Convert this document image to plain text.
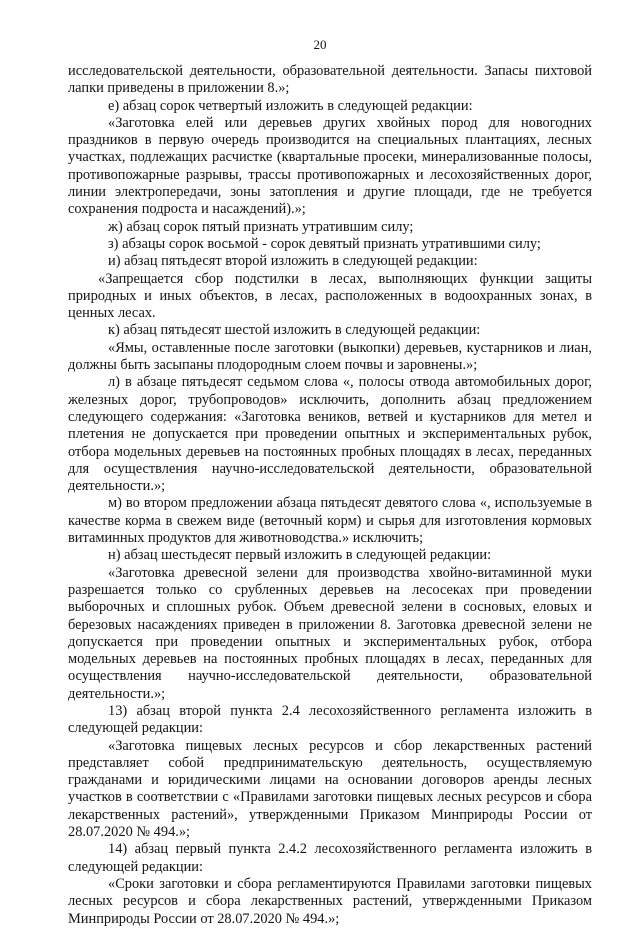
20

исследовательской деятельности, образовательной деятельности. Запасы пихтовой лапки приведены в приложении 8.»;

е) абзац сорок четвертый изложить в следующей редакции:

«Заготовка елей или деревьев других хвойных пород для новогодних праздников в первую очередь производится на специальных плантациях, лесных участках, подлежащих расчистке (квартальные просеки, минерализованные полосы, противопожарные разрывы, трассы противопожарных и лесохозяйственных дорог, линии электропередачи, зоны затопления и другие площади, где не требуется сохранения подроста и насаждений).»;

ж) абзац сорок пятый признать утратившим силу;

з) абзацы сорок восьмой - сорок девятый признать утратившими силу;

и) абзац пятьдесят второй изложить в следующей редакции:

«Запрещается сбор подстилки в лесах, выполняющих функции защиты природных и иных объектов, в лесах, расположенных в водоохранных зонах, в ценных лесах.

к) абзац пятьдесят шестой изложить в следующей редакции:

«Ямы, оставленные после заготовки (выкопки) деревьев, кустарников и лиан, должны быть засыпаны плодородным слоем почвы и заровнены.»;

л) в абзаце пятьдесят седьмом слова «, полосы отвода автомобильных дорог, железных дорог, трубопроводов» исключить, дополнить абзац предложением следующего содержания: «Заготовка веников, ветвей и кустарников для метел и плетения не допускается при проведении опытных и экспериментальных рубок, отбора модельных деревьев на постоянных пробных площадях в лесах, переданных для осуществления научно-исследовательской деятельности, образовательной деятельности.»;

м) во втором предложении абзаца пятьдесят девятого слова «, используемые в качестве корма в свежем виде (веточный корм) и сырья для изготовления кормовых витаминных продуктов для животноводства.» исключить;

н) абзац шестьдесят первый изложить в следующей редакции:

«Заготовка древесной зелени для производства хвойно-витаминной муки разрешается только со срубленных деревьев на лесосеках при проведении выборочных и сплошных рубок. Объем древесной зелени в сосновых, еловых и березовых насаждениях приведен в приложении 8. Заготовка древесной зелени не допускается при проведении опытных и экспериментальных рубок, отбора модельных деревьев на постоянных пробных площадях в лесах, переданных для осуществления научно-исследовательской деятельности, образовательной деятельности.»;

13) абзац второй пункта 2.4 лесохозяйственного регламента изложить в следующей редакции:

«Заготовка пищевых лесных ресурсов и сбор лекарственных растений представляет собой предпринимательскую деятельность, осуществляемую гражданами и юридическими лицами на основании договоров аренды лесных участков в соответствии с «Правилами заготовки пищевых лесных ресурсов и сбора лекарственных растений», утвержденными Приказом Минприроды России от 28.07.2020 № 494.»;

14) абзац первый пункта 2.4.2 лесохозяйственного регламента изложить в следующей редакции:

«Сроки заготовки и сбора регламентируются Правилами заготовки пищевых лесных ресурсов и сбора лекарственных растений, утвержденными Приказом Минприроды России от 28.07.2020 № 494.»;
